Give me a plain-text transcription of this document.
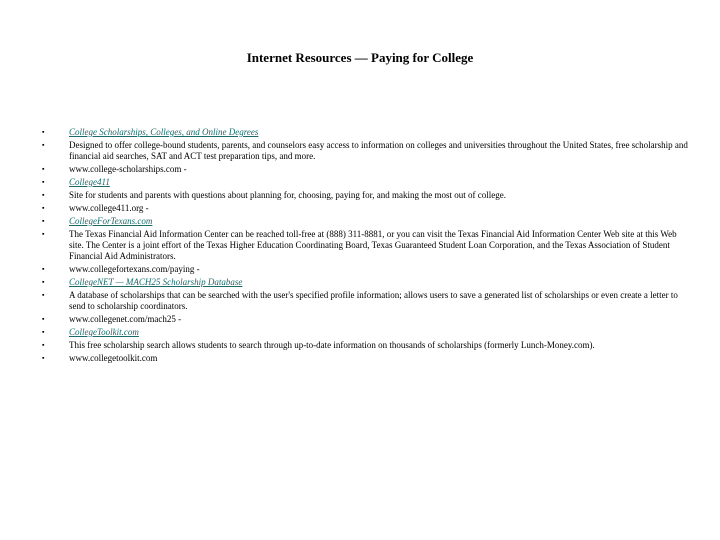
Internet Resources — Paying for College
▪	College Scholarships, Colleges, and Online Degrees
▪	Designed to offer college-bound students, parents, and counselors easy access to information on colleges and universities throughout the United States, free scholarship and financial aid searches, SAT and ACT test preparation tips, and more.
▪	www.college-scholarships.com -
▪	College411
▪	Site for students and parents with questions about planning for, choosing, paying for, and making the most out of college.
▪	www.college411.org -
▪	CollegeForTexans.com
▪	The Texas Financial Aid Information Center can be reached toll-free at (888) 311-8881, or you can visit the Texas Financial Aid Information Center Web site at this Web site. The Center is a joint effort of the Texas Higher Education Coordinating Board, Texas Guaranteed Student Loan Corporation, and the Texas Association of Student Financial Aid Administrators.
▪	www.collegefortexans.com/paying -
▪	CollegeNET — MACH25 Scholarship Database
▪	A database of scholarships that can be searched with the user's specified profile information; allows users to save a generated list of scholarships or even create a letter to send to scholarship coordinators.
▪	www.collegenet.com/mach25 -
▪	CollegeToolkit.com
▪	This free scholarship search allows students to search through up-to-date information on thousands of scholarships (formerly Lunch-Money.com).
▪	www.collegetoolkit.com
